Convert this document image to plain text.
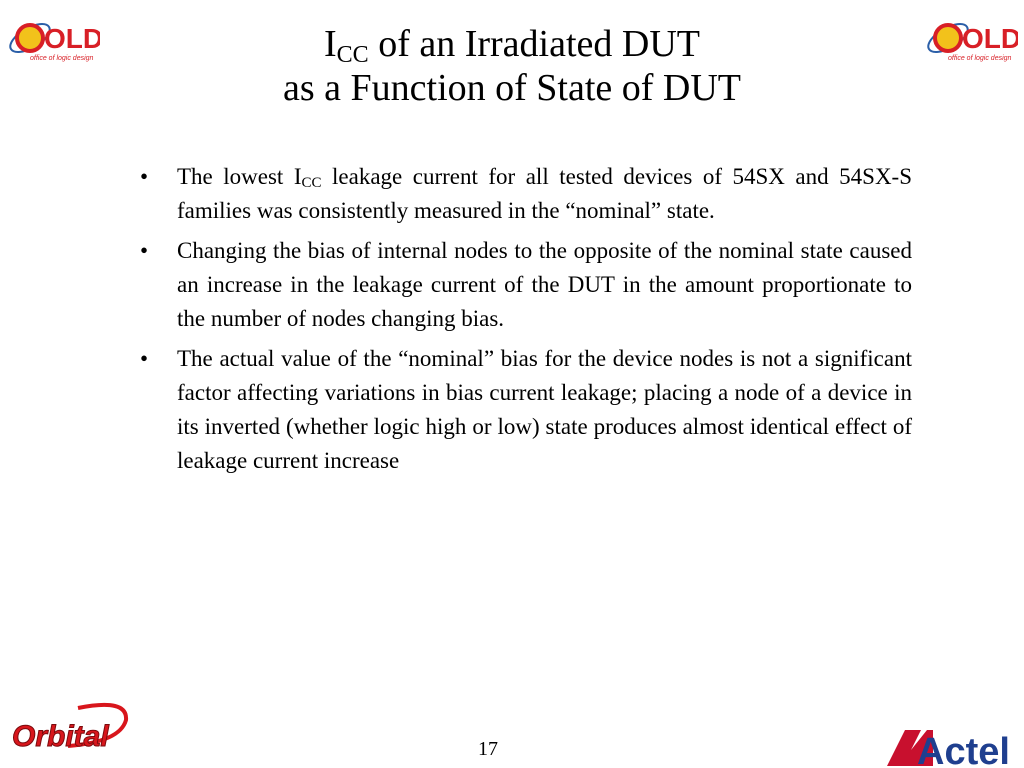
OLD
office of logic design
OLD
office of logic design
$I_{CC}$ of an Irradiated DUT
as a Function of State of DUT
• The lowest $I_{CC}$ leakage current for all tested devices of 54SX and 54SX-S families was consistently measured in the “nominal” state.
• Changing the bias of internal nodes to the opposite of the nominal state caused an increase in the leakage current of the DUT in the amount proportionate to the number of nodes changing bias.
• The actual value of the “nominal” bias for the device nodes is not a significant factor affecting variations in bias current leakage; placing a node of a device in its inverted (whether logic high or low) state produces almost identical effect of leakage current increase
Orbital	17	Actel
